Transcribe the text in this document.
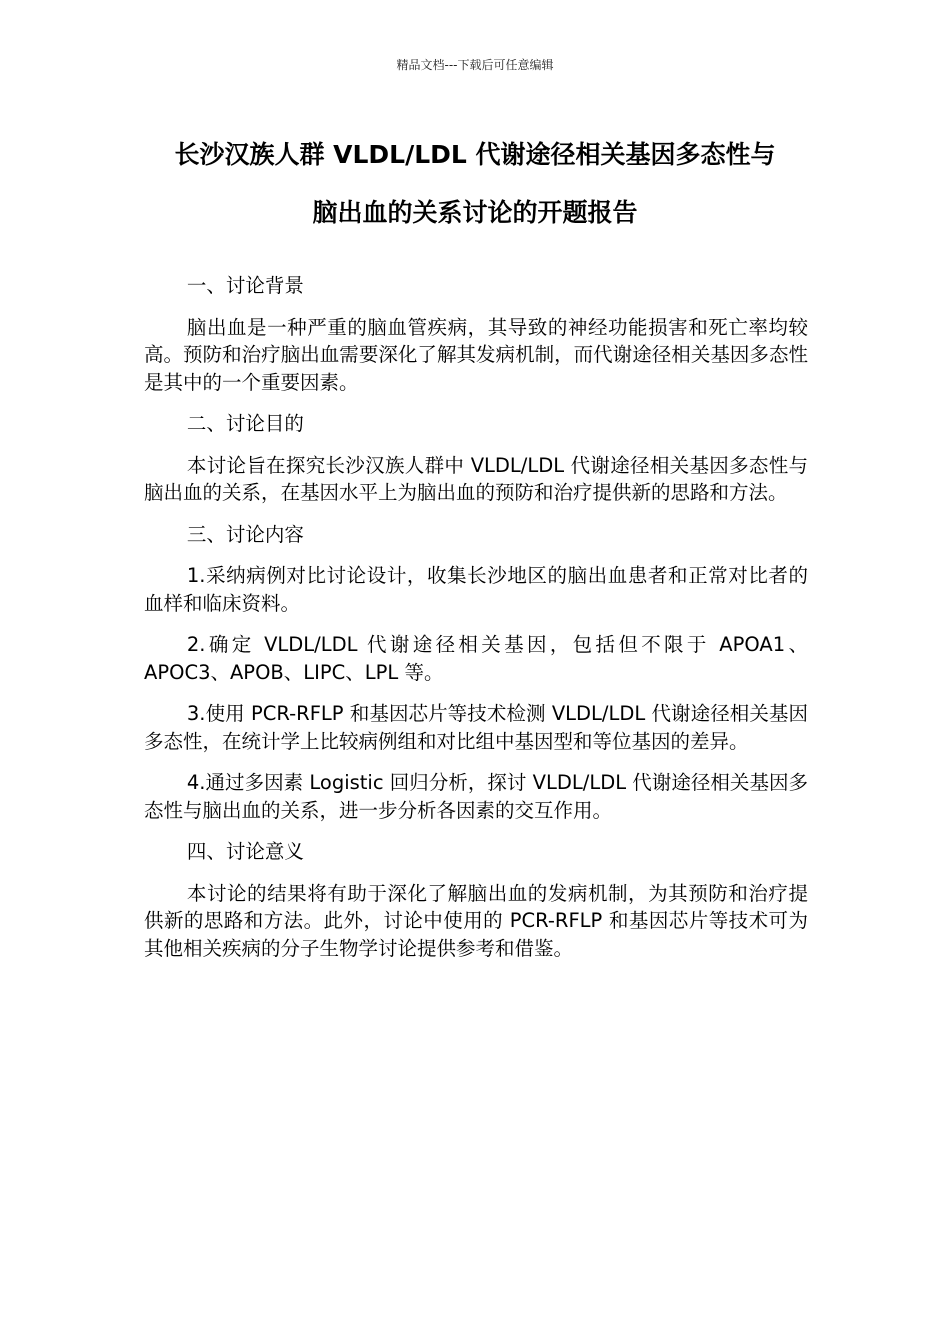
精品文档---下载后可任意编辑
长沙汉族人群 VLDL/LDL 代谢途径相关基因多态性与
脑出血的关系讨论的开题报告

一、讨论背景

脑出血是一种严重的脑血管疾病，其导致的神经功能损害和死亡率均较高。预防和治疗脑出血需要深化了解其发病机制，而代谢途径相关基因多态性是其中的一个重要因素。

二、讨论目的

本讨论旨在探究长沙汉族人群中 VLDL/LDL 代谢途径相关基因多态性与脑出血的关系，在基因水平上为脑出血的预防和治疗提供新的思路和方法。

三、讨论内容

1.采纳病例对比讨论设计，收集长沙地区的脑出血患者和正常对比者的血样和临床资料。

2.确定 VLDL/LDL 代谢途径相关基因，包括但不限于 APOA1、APOC3、APOB、LIPC、LPL 等。

3.使用 PCR-RFLP 和基因芯片等技术检测 VLDL/LDL 代谢途径相关基因多态性，在统计学上比较病例组和对比组中基因型和等位基因的差异。

4.通过多因素 Logistic 回归分析，探讨 VLDL/LDL 代谢途径相关基因多态性与脑出血的关系，进一步分析各因素的交互作用。

四、讨论意义

本讨论的结果将有助于深化了解脑出血的发病机制，为其预防和治疗提供新的思路和方法。此外，讨论中使用的 PCR-RFLP 和基因芯片等技术可为其他相关疾病的分子生物学讨论提供参考和借鉴。
